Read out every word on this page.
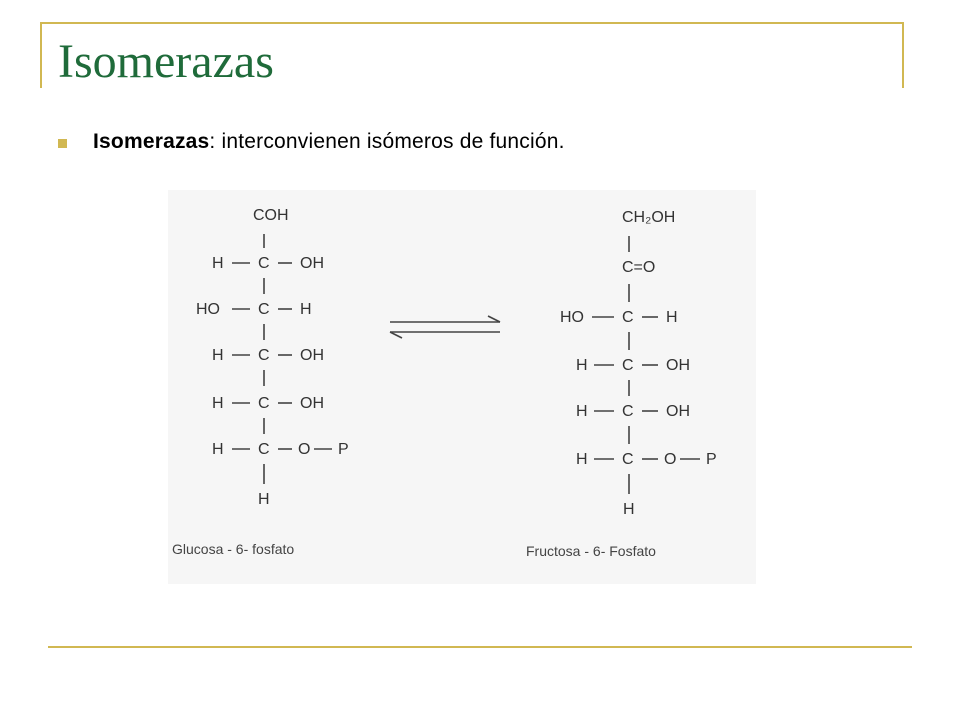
Isomerazas
Isomerazas: interconvienen isómeros de función.
COH
H C OH
HO C H
H C OH
H C OH
H C O P
H
Glucosa - 6- fosfato
CH₂OH
C=O
HO C H
H C OH
H C OH
H C O P
H
Fructosa - 6- Fosfato
